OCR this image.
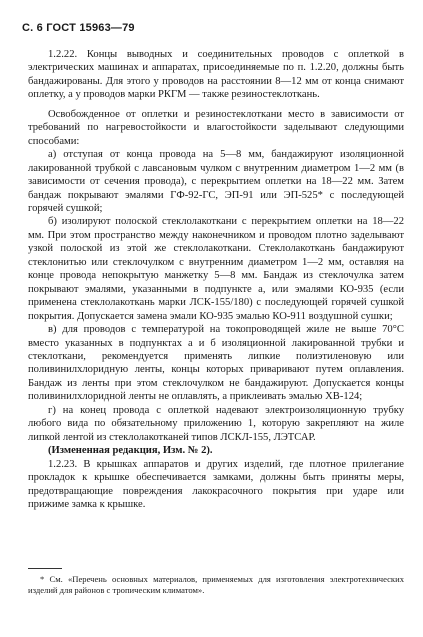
С. 6 ГОСТ 15963—79

1.2.22. Концы выводных и соединительных проводов с оплеткой в электрических машинах и аппаратах, присоединяемые по п. 1.2.20, должны быть бандажированы. Для этого у проводов на расстоянии 8—12 мм от конца снимают оплетку, а у проводов марки РКГМ — также резиностеклоткань.

Освобожденное от оплетки и резиностеклоткани место в зависимости от требований по нагревостойкости и влагостойкости заделывают следующими способами:

а) отступая от конца провода на 5—8 мм, бандажируют изоляционной лакированной трубкой с лавсановым чулком с внутренним диаметром 1—2 мм (в зависимости от сечения провода), с перекрытием оплетки на 18—22 мм. Затем бандаж покрывают эмалями ГФ-92-ГС, ЭП-91 или ЭП-525* с последующей горячей сушкой;

б) изолируют полоской стеклолакоткани с перекрытием оплетки на 18—22 мм. При этом пространство между наконечником и проводом плотно заделывают узкой полоской из этой же стеклолакоткани. Стеклолакоткань бандажируют стеклонитью или стеклочулком с внутренним диаметром 1—2 мм, оставляя на конце провода непокрытую манжетку 5—8 мм. Бандаж из стеклочулка затем покрывают эмалями, указанными в подпункте а, или эмалями КО-935 (если применена стеклолакоткань марки ЛСК-155/180) с последующей горячей сушкой покрытия. Допускается замена эмали КО-935 эмалью КО-911 воздушной сушки;

в) для проводов с температурой на токопроводящей жиле не выше 70°С вместо указанных в подпунктах а и б изоляционной лакированной трубки и стеклоткани, рекомендуется применять липкие полиэтиленовую или поливинилхлоридную ленты, концы которых приваривают путем оплавления. Бандаж из ленты при этом стеклочулком не бандажируют. Допускается концы поливинилхлоридной ленты не оплавлять, а приклеивать эмалью ХВ-124;

г) на конец провода с оплеткой надевают электроизоляционную трубку любого вида по обязательному приложению 1, которую закрепляют на жиле липкой лентой из стеклолакотканей типов ЛСКЛ-155, ЛЭТСАР.

(Измененная редакция, Изм. № 2).

1.2.23. В крышках аппаратов и других изделий, где плотное прилегание прокладок к крышке обеспечивается замками, должны быть приняты меры, предотвращающие повреждения лакокрасочного покрытия при ударе или прижиме замка к крышке.

* См. «Перечень основных материалов, применяемых для изготовления электротехнических изделий для районов с тропическим климатом».
